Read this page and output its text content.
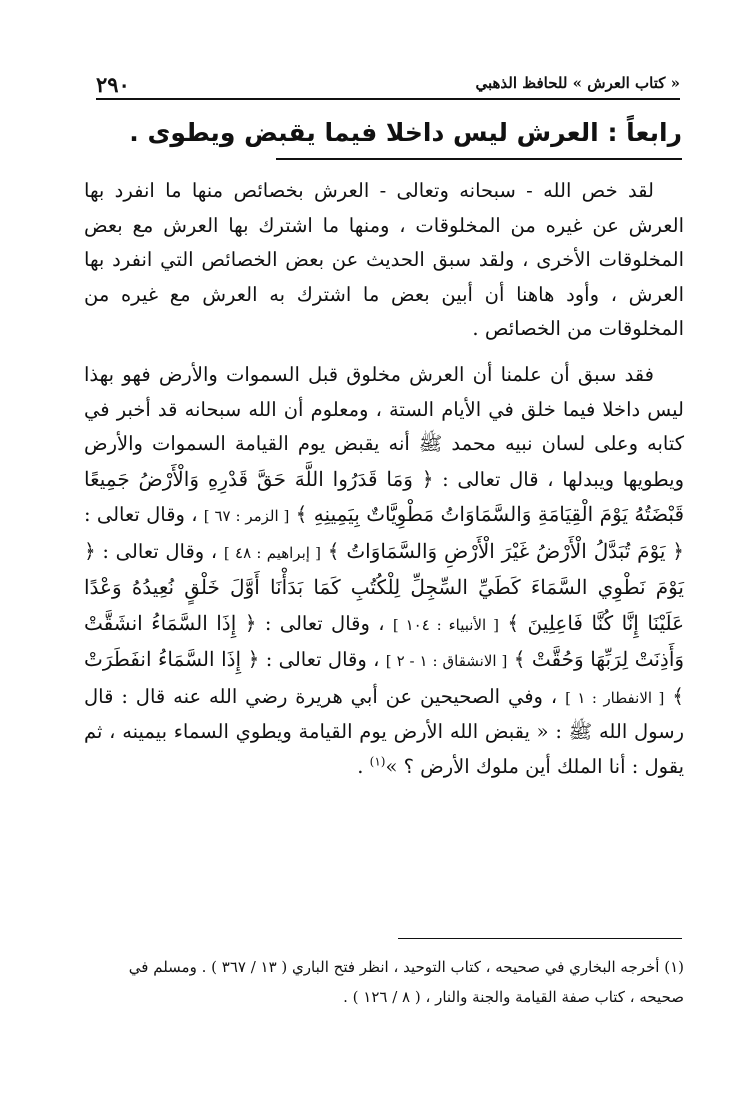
٢٩٠	« كتاب العرش » للحافظ الذهبي
رابعاً : العرش ليس داخلا فيما يقبض ويطوى .

لقد خص الله - سبحانه وتعالى - العرش بخصائص منها ما انفرد بها العرش عن غيره من المخلوقات ، ومنها ما اشترك بها العرش مع بعض المخلوقات الأخرى ، ولقد سبق الحديث عن بعض الخصائص التي انفرد بها العرش ، وأود هاهنا أن أبين بعض ما اشترك به العرش مع غيره من المخلوقات من الخصائص .

فقد سبق أن علمنا أن العرش مخلوق قبل السموات والأرض فهو بهذا ليس داخلا فيما خلق في الأيام الستة ، ومعلوم أن الله سبحانه قد أخبر في كتابه وعلى لسان نبيه محمد ﷺ أنه يقبض يوم القيامة السموات والأرض ويطويها ويبدلها ، قال تعالى : ﴿ وَمَا قَدَرُوا اللَّهَ حَقَّ قَدْرِهِ وَالْأَرْضُ جَمِيعًا قَبْضَتُهُ يَوْمَ الْقِيَامَةِ وَالسَّمَاوَاتُ مَطْوِيَّاتٌ بِيَمِينِهِ ﴾ [ الزمر : ٦٧ ] ، وقال تعالى : ﴿ يَوْمَ تُبَدَّلُ الْأَرْضُ غَيْرَ الْأَرْضِ وَالسَّمَاوَاتُ ﴾ [ إبراهيم : ٤٨ ] ، وقال تعالى : ﴿ يَوْمَ نَطْوِي السَّمَاءَ كَطَيِّ السِّجِلِّ لِلْكُتُبِ كَمَا بَدَأْنَا أَوَّلَ خَلْقٍ نُعِيدُهُ وَعْدًا عَلَيْنَا إِنَّا كُنَّا فَاعِلِينَ ﴾ [ الأنبياء : ١٠٤ ] ، وقال تعالى : ﴿ إِذَا السَّمَاءُ انشَقَّتْ وَأَذِنَتْ لِرَبِّهَا وَحُقَّتْ ﴾ [ الانشقاق : ١ - ٢ ] ، وقال تعالى : ﴿ إِذَا السَّمَاءُ انفَطَرَتْ ﴾ [ الانفطار : ١ ] ، وفي الصحيحين عن أبي هريرة رضي الله عنه قال : قال رسول الله ﷺ : « يقبض الله الأرض يوم القيامة ويطوي السماء بيمينه ، ثم يقول : أنا الملك أين ملوك الأرض ؟ »$^{(١)}$ .

(١) أخرجه البخاري في صحيحه ، كتاب التوحيد ، انظر فتح الباري ( ١٣ / ٣٦٧ ) . ومسلم في

صحيحه ، كتاب صفة القيامة والجنة والنار ، ( ٨ / ١٢٦ ) .
